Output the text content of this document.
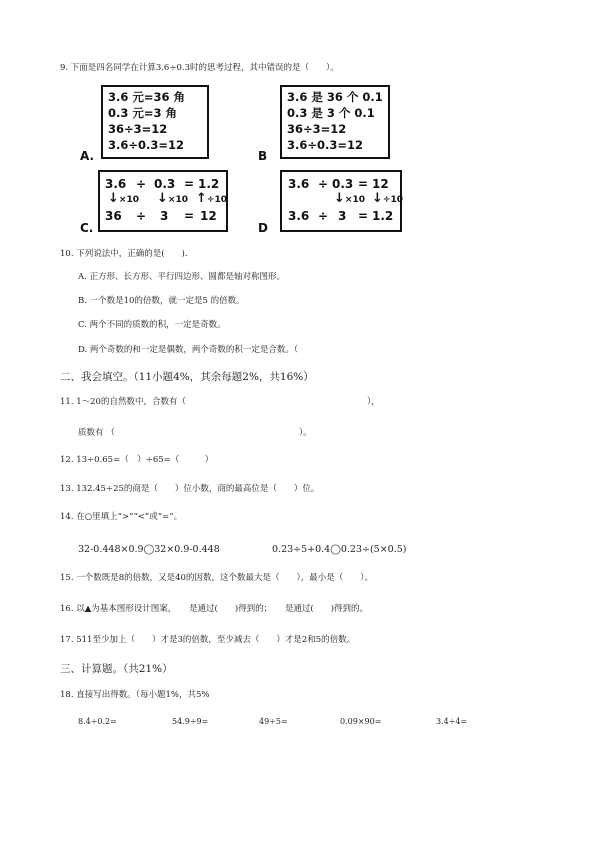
9. 下面是四名同学在计算3.6÷0.3时的思考过程，其中错误的是（　　）。
3.6 元=36 角
0.3 元=3 角
36÷3=12
3.6÷0.3=12
A.
3.6 是 36 个 0.1
0.3 是 3 个 0.1
36÷3=12
3.6÷0.3=12
B
3.6 ÷ 0.3 = 1.2
↓×10 ↓×10 ↑÷10
36 ÷ 3 = 12
C.
3.6 ÷ 0.3 = 12
↓×10 ↓÷10
3.6 ÷ 3 = 1.2
D
10. 下列说法中，正确的是(　　).
A. 正方形、长方形、平行四边形、圆都是轴对称图形。
B. 一个数是10的倍数，就一定是5 的倍数。
C. 两个不同的质数的积，一定是奇数。
D. 两个奇数的和一定是偶数，两个奇数的积一定是合数。（
二、我会填空。（11小题4%，其余每题2%，共16%）
11. 1～20的自然数中，合数有（	），
质数有 （	）。
12. 13÷0.65=（　）÷65=（　　　）
13. 132.45÷25的商是（　　）位小数，商的最高位是（　　）位。
14. 在○里填上“>”“<”或“=”。
32-0.448×0.9◯32×0.9-0.448	0.23÷5+0.4◯0.23÷(5×0.5)
15. 一个数既是8的倍数，又是40的因数，这个数最大是（　　），最小是（　　）。
16. 以▲为基本图形设计图案，　　是通过(　　)得到的；　　是通过(　　)得到的。
17. 511至少加上（　　）才是3的倍数，至少减去（　　）才是2和5的倍数。
三、计算题。（共21%）
18. 直接写出得数。（每小题1%，共5%
8.4÷0.2=	54.9÷9=	49÷5=	0.09×90=	3.4÷4=
